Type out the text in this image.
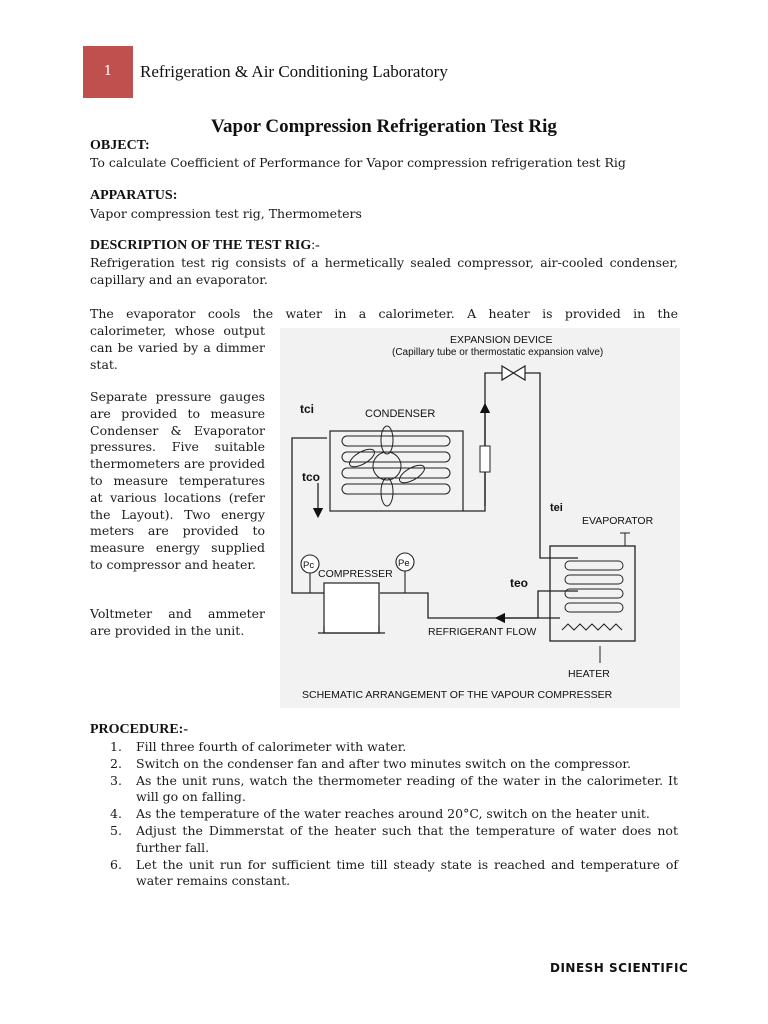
1	Refrigeration & Air Conditioning Laboratory
Vapor Compression Refrigeration Test Rig
OBJECT:
To calculate Coefficient of Performance for Vapor compression refrigeration test Rig
APPARATUS:
Vapor compression test rig, Thermometers
DESCRIPTION OF THE TEST RIG:-
Refrigeration test rig consists of a hermetically sealed compressor, air-cooled condenser, capillary and an evaporator.
The evaporator cools the water in a calorimeter. A heater is provided in the
calorimeter, whose output can be varied by a dimmer stat.
Separate pressure gauges are provided to measure Condenser & Evaporator pressures. Five suitable thermometers are provided to measure temperatures at various locations (refer the Layout). Two energy meters are provided to measure energy supplied to compressor and heater.
Voltmeter and ammeter are provided in the unit.
EXPANSION DEVICE
(Capillary tube or thermostatic expansion valve)
CONDENSER
tci
tco
tei
EVAPORATOR
COMPRESSER
teo
REFRIGERANT FLOW
HEATER
SCHEMATIC ARRANGEMENT OF THE VAPOUR COMPRESSER
Pc	Pe
PROCEDURE:-
1. Fill three fourth of calorimeter with water.
2. Switch on the condenser fan and after two minutes switch on the compressor.
3. As the unit runs, watch the thermometer reading of the water in the calorimeter. It will go on falling.
4. As the temperature of the water reaches around 20°C, switch on the heater unit.
5. Adjust the Dimmerstat of the heater such that the temperature of water does not further fall.
6. Let the unit run for sufficient time till steady state is reached and temperature of water remains constant.
DINESH SCIENTIFIC
